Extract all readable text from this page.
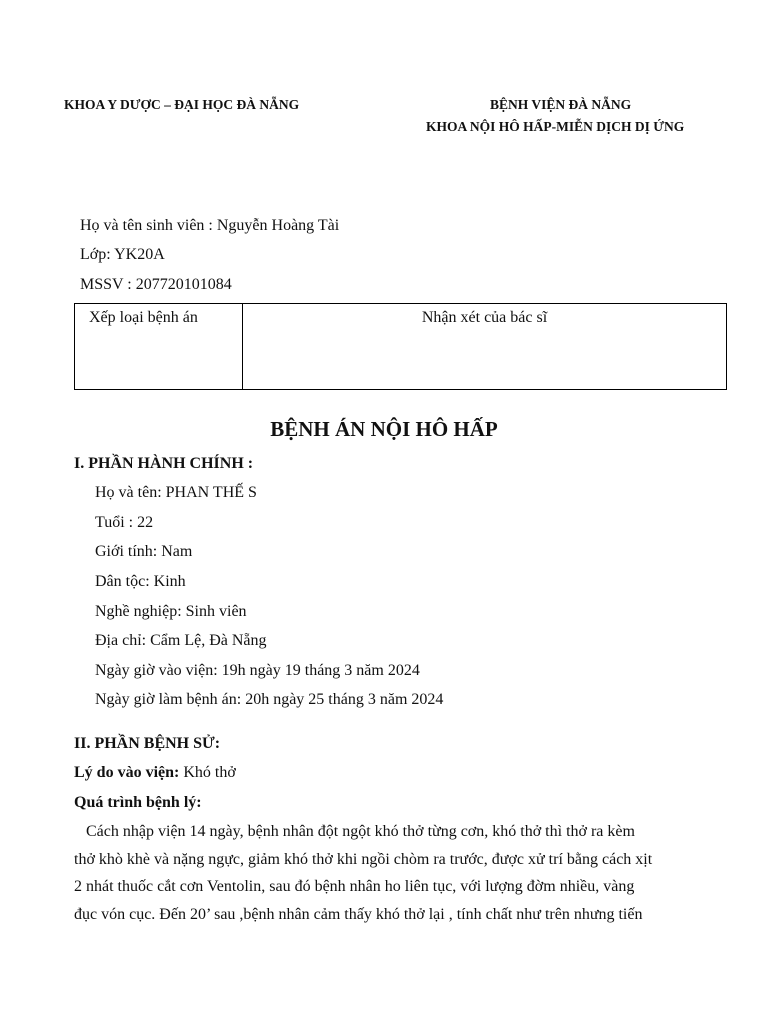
KHOA Y DƯỢC – ĐẠI HỌC ĐÀ NẴNG	BỆNH VIỆN ĐÀ NẴNG
KHOA NỘI HÔ HẤP-MIỄN DỊCH DỊ ỨNG
Họ và tên sinh viên : Nguyễn Hoàng Tài
Lớp: YK20A
MSSV : 207720101084
Xếp loại bệnh án	Nhận xét của bác sĩ
BỆNH ÁN NỘI HÔ HẤP
I. PHẦN HÀNH CHÍNH :
Họ và tên: PHAN THẾ S
Tuổi : 22
Giới tính: Nam
Dân tộc: Kinh
Nghề nghiệp: Sinh viên
Địa chỉ: Cẩm Lệ, Đà Nẵng
Ngày giờ vào viện: 19h ngày 19 tháng 3 năm 2024
Ngày giờ làm bệnh án: 20h ngày 25 tháng 3 năm 2024
II. PHẦN BỆNH SỬ:
Lý do vào viện: Khó thở
Quá trình bệnh lý:
Cách nhập viện 14 ngày, bệnh nhân đột ngột khó thở từng cơn, khó thở thì thở ra kèm
thở khò khè và nặng ngực, giảm khó thở khi ngồi chòm ra trước, được xử trí bằng cách xịt
2 nhát thuốc cắt cơn Ventolin, sau đó bệnh nhân ho liên tục, với lượng đờm nhiều, vàng
đục vón cục. Đến 20’ sau ,bệnh nhân cảm thấy khó thở lại , tính chất như trên nhưng tiến
